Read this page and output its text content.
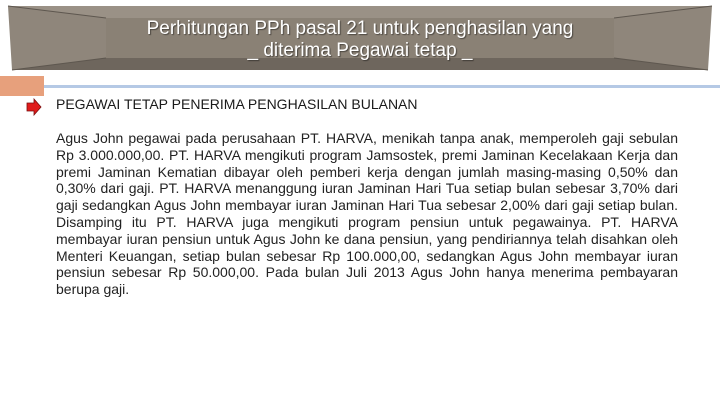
Perhitungan PPh pasal 21 untuk penghasilan yang
_ diterima Pegawai tetap _
PEGAWAI TETAP PENERIMA PENGHASILAN BULANAN
Agus John pegawai pada perusahaan PT. HARVA, menikah tanpa anak, memperoleh gaji sebulan Rp 3.000.000,00. PT. HARVA mengikuti program Jamsostek, premi Jaminan Kecelakaan Kerja dan premi Jaminan Kematian dibayar oleh pemberi kerja dengan jumlah masing-masing 0,50% dan 0,30% dari gaji. PT. HARVA menanggung iuran Jaminan Hari Tua setiap bulan sebesar 3,70% dari gaji sedangkan Agus John membayar iuran Jaminan Hari Tua sebesar 2,00% dari gaji setiap bulan. Disamping itu PT. HARVA juga mengikuti program pensiun untuk pegawainya. PT. HARVA membayar iuran pensiun untuk Agus John ke dana pensiun, yang pendiriannya telah disahkan oleh Menteri Keuangan, setiap bulan sebesar Rp 100.000,00, sedangkan Agus John membayar iuran pensiun sebesar Rp 50.000,00. Pada bulan Juli 2013 Agus John hanya menerima pembayaran berupa gaji.
